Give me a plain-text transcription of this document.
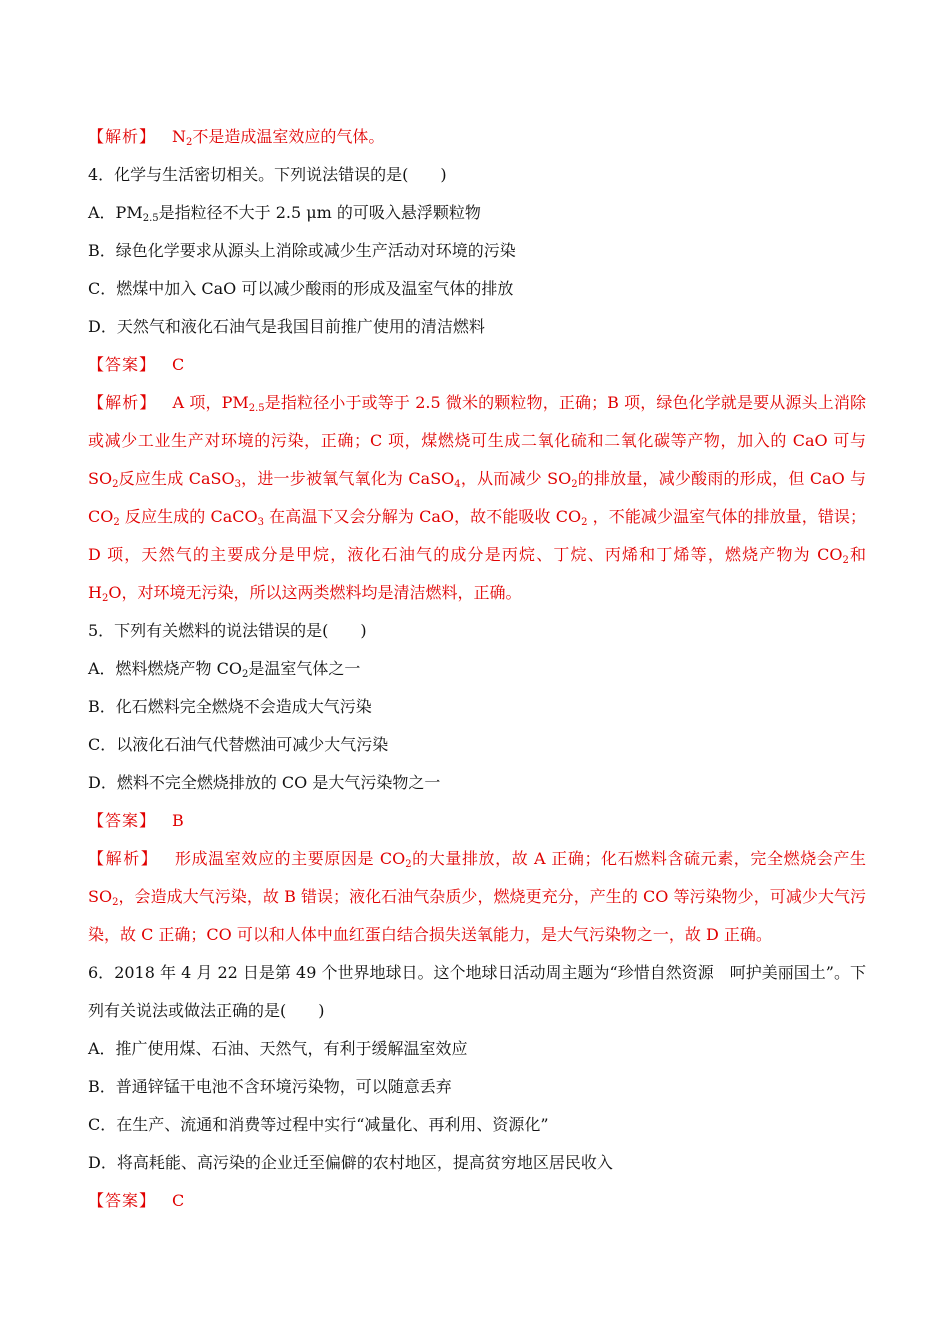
【解析】 $N_2$不是造成温室效应的气体。
4．化学与生活密切相关。下列说法错误的是(　　)
A．$PM_{2.5}$是指粒径不大于 2.5 μm 的可吸入悬浮颗粒物
B．绿色化学要求从源头上消除或减少生产活动对环境的污染
C．燃煤中加入 CaO 可以减少酸雨的形成及温室气体的排放
D．天然气和液化石油气是我国目前推广使用的清洁燃料
【答案】 C
【解析】 A 项，$PM_{2.5}$是指粒径小于或等于 2.5 微米的颗粒物，正确；B 项，绿色化学就是要从源头上消除或减少工业生产对环境的污染，正确；C 项，煤燃烧可生成二氧化硫和二氧化碳等产物，加入的 CaO 可与 $SO_2$反应生成 CaSO$_3$，进一步被氧气氧化为 CaSO$_4$，从而减少 $SO_2$的排放量，减少酸雨的形成，但 CaO 与 $CO_2$ 反应生成的 CaCO$_3$ 在高温下又会分解为 CaO，故不能吸收 $CO_2$ ，不能减少温室气体的排放量，错误；D 项，天然气的主要成分是甲烷，液化石油气的成分是丙烷、丁烷、丙烯和丁烯等，燃烧产物为 $CO_2$和 $H_2O$，对环境无污染，所以这两类燃料均是清洁燃料，正确。
5．下列有关燃料的说法错误的是(　　)
A．燃料燃烧产物 $CO_2$是温室气体之一
B．化石燃料完全燃烧不会造成大气污染
C．以液化石油气代替燃油可减少大气污染
D．燃料不完全燃烧排放的 CO 是大气污染物之一
【答案】 B
【解析】 形成温室效应的主要原因是 $CO_2$的大量排放，故 A 正确；化石燃料含硫元素，完全燃烧会产生 $SO_2$，会造成大气污染，故 B 错误；液化石油气杂质少，燃烧更充分，产生的 CO 等污染物少，可减少大气污染，故 C 正确；CO 可以和人体中血红蛋白结合损失送氧能力，是大气污染物之一，故 D 正确。
6．2018 年 4 月 22 日是第 49 个世界地球日。这个地球日活动周主题为“珍惜自然资源　呵护美丽国土”。下列有关说法或做法正确的是(　　)
A．推广使用煤、石油、天然气，有利于缓解温室效应
B．普通锌锰干电池不含环境污染物，可以随意丢弃
C．在生产、流通和消费等过程中实行“减量化、再利用、资源化”
D．将高耗能、高污染的企业迁至偏僻的农村地区，提高贫穷地区居民收入
【答案】 C
